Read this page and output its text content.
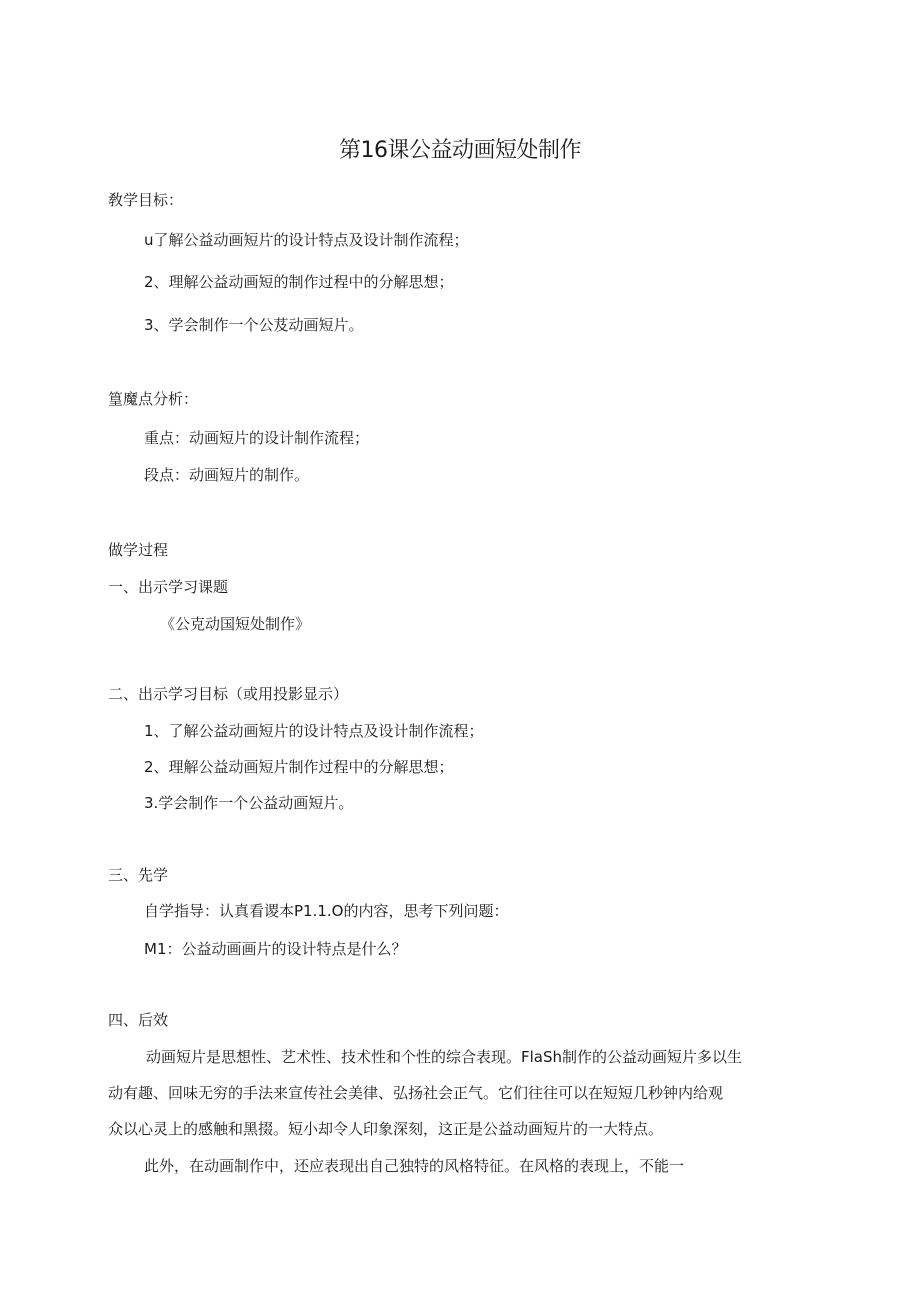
第16课公益动画短处制作

敎学目标：

u了解公益动画短片的设计特点及设计制作流程；

2、理解公益动画短的制作过程中的分解思想；

3、学会制作一个公芨动画短片。

篁魔点分析：

重点：动画短片的设计制作流程；

段点：动画短片的制作。

做学过程

一、出示学习课题

《公克动国短处制作》

二、出示学习目标（或用投影显示）

1、了解公益动画短片的设计特点及设计制作流程；

2、理解公益动画短片制作过程中的分解思想；

3.学会制作一个公益动画短片。

三、先学

自学指导：认真看谡本P1.1.O的内容，思考下列问题：

M1：公益动画画片的设计特点是什么？

四、后效

动画短片是思想性、艺术性、技术性和个性的综合表现。FlaSh制作的公益动画短片多以生

动有趣、回味无穷的手法来宣传社会美律、弘扬社会正气。它们往往可以在短短几秒钟内给观

众以心灵上的感触和黑掇。短小却令人印象深刻，这正是公益动画短片的一大特点。

此外，在动画制作中，还应表现出自己独特的风格特征。在风格的表现上，不能一
